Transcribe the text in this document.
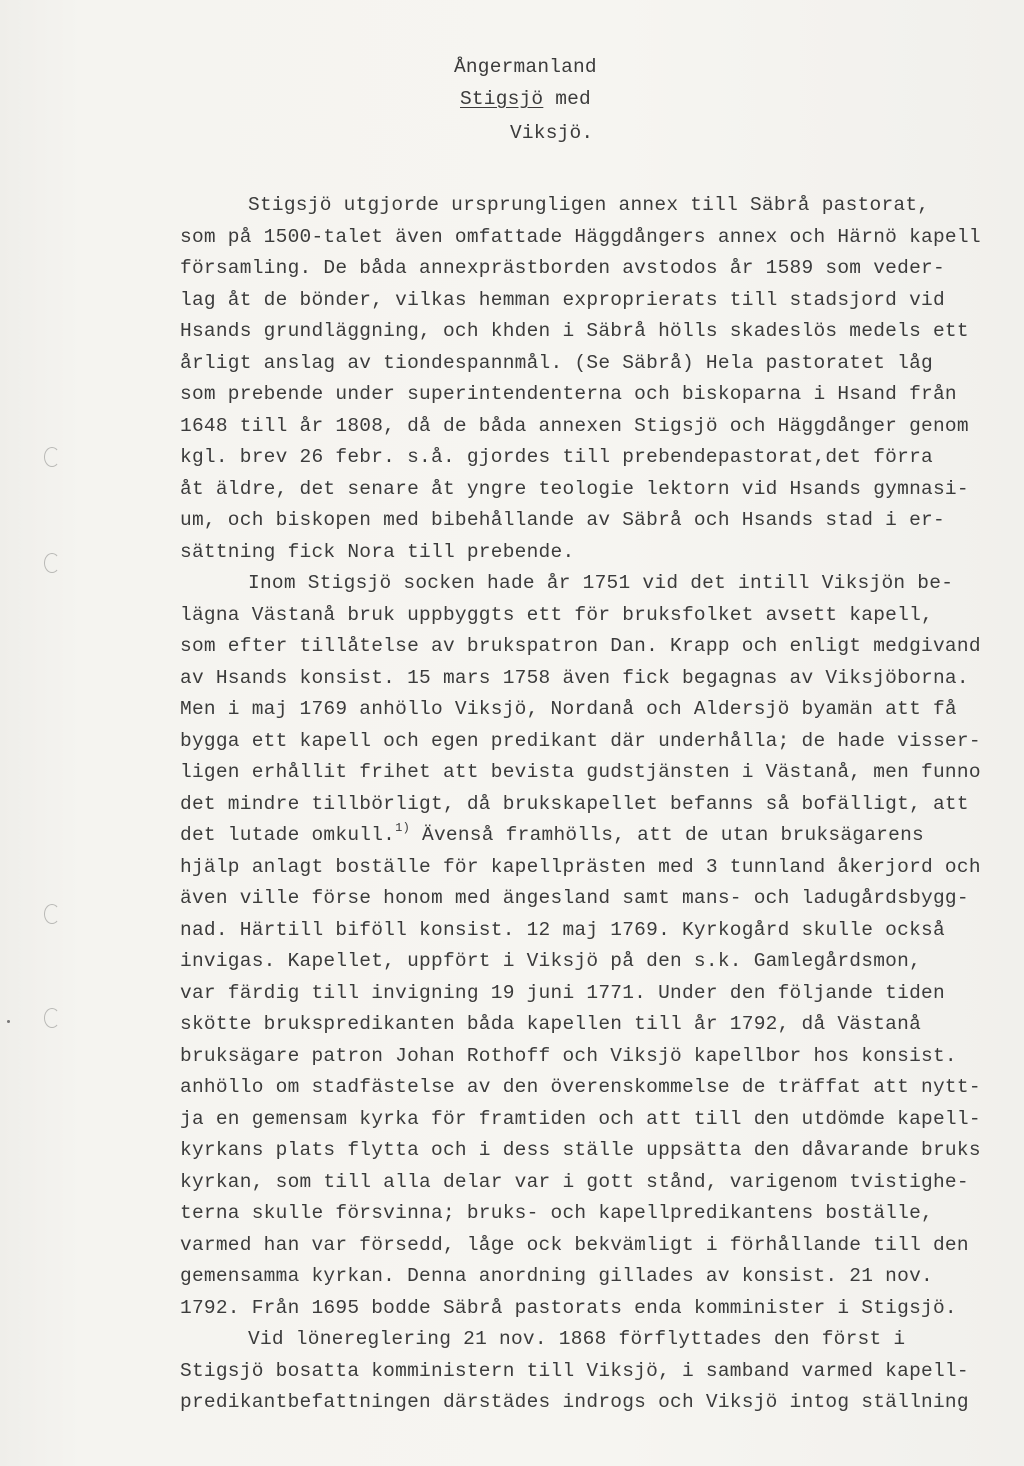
Ångermanland
Stigsjö med
Viksjö.
Stigsjö utgjorde ursprungligen annex till Säbrå pastorat,
som på 1500-talet även omfattade Häggdångers annex och Härnö kapell
församling. De båda annexprästborden avstodos år 1589 som veder-
lag åt de bönder, vilkas hemman exproprierats till stadsjord vid
Hsands grundläggning, och khden i Säbrå hölls skadeslös medels ett
årligt anslag av tiondespannmål. (Se Säbrå) Hela pastoratet låg
som prebende under superintendenterna och biskoparna i Hsand från
1648 till år 1808, då de båda annexen Stigsjö och Häggdånger genom
kgl. brev 26 febr. s.å. gjordes till prebendepastorat,det förra
åt äldre, det senare åt yngre teologie lektorn vid Hsands gymnasi-
um, och biskopen med bibehållande av Säbrå och Hsands stad i er-
sättning fick Nora till prebende.
Inom Stigsjö socken hade år 1751 vid det intill Viksjön be-
lägna Västanå bruk uppbyggts ett för bruksfolket avsett kapell,
som efter tillåtelse av brukspatron Dan. Krapp och enligt medgivand
av Hsands konsist. 15 mars 1758 även fick begagnas av Viksjöborna.
Men i maj 1769 anhöllo Viksjö, Nordanå och Aldersjö byamän att få
bygga ett kapell och egen predikant där underhålla; de hade visser-
ligen erhållit frihet att bevista gudstjänsten i Västanå, men funno
det mindre tillbörligt, då brukskapellet befanns så bofälligt, att
det lutade omkull.$^{1)}$ Ävenså framhölls, att de utan bruksägarens
hjälp anlagt boställe för kapellprästen med 3 tunnland åkerjord och
även ville förse honom med ängesland samt mans- och ladugårdsbygg-
nad. Härtill biföll konsist. 12 maj 1769. Kyrkogård skulle också
invigas. Kapellet, uppfört i Viksjö på den s.k. Gamlegårdsmon,
var färdig till invigning 19 juni 1771. Under den följande tiden
skötte brukspredikanten båda kapellen till år 1792, då Västanå
bruksägare patron Johan Rothoff och Viksjö kapellbor hos konsist.
anhöllo om stadfästelse av den överenskommelse de träffat att nytt-
ja en gemensam kyrka för framtiden och att till den utdömde kapell-
kyrkans plats flytta och i dess ställe uppsätta den dåvarande bruks
kyrkan, som till alla delar var i gott stånd, varigenom tvistighe-
terna skulle försvinna; bruks- och kapellpredikantens boställe,
varmed han var försedd, låge ock bekvämligt i förhållande till den
gemensamma kyrkan. Denna anordning gillades av konsist. 21 nov.
1792. Från 1695 bodde Säbrå pastorats enda komminister i Stigsjö.
Vid lönereglering 21 nov. 1868 förflyttades den först i
Stigsjö bosatta komministern till Viksjö, i samband varmed kapell-
predikantbefattningen därstädes indrogs och Viksjö intog ställning
